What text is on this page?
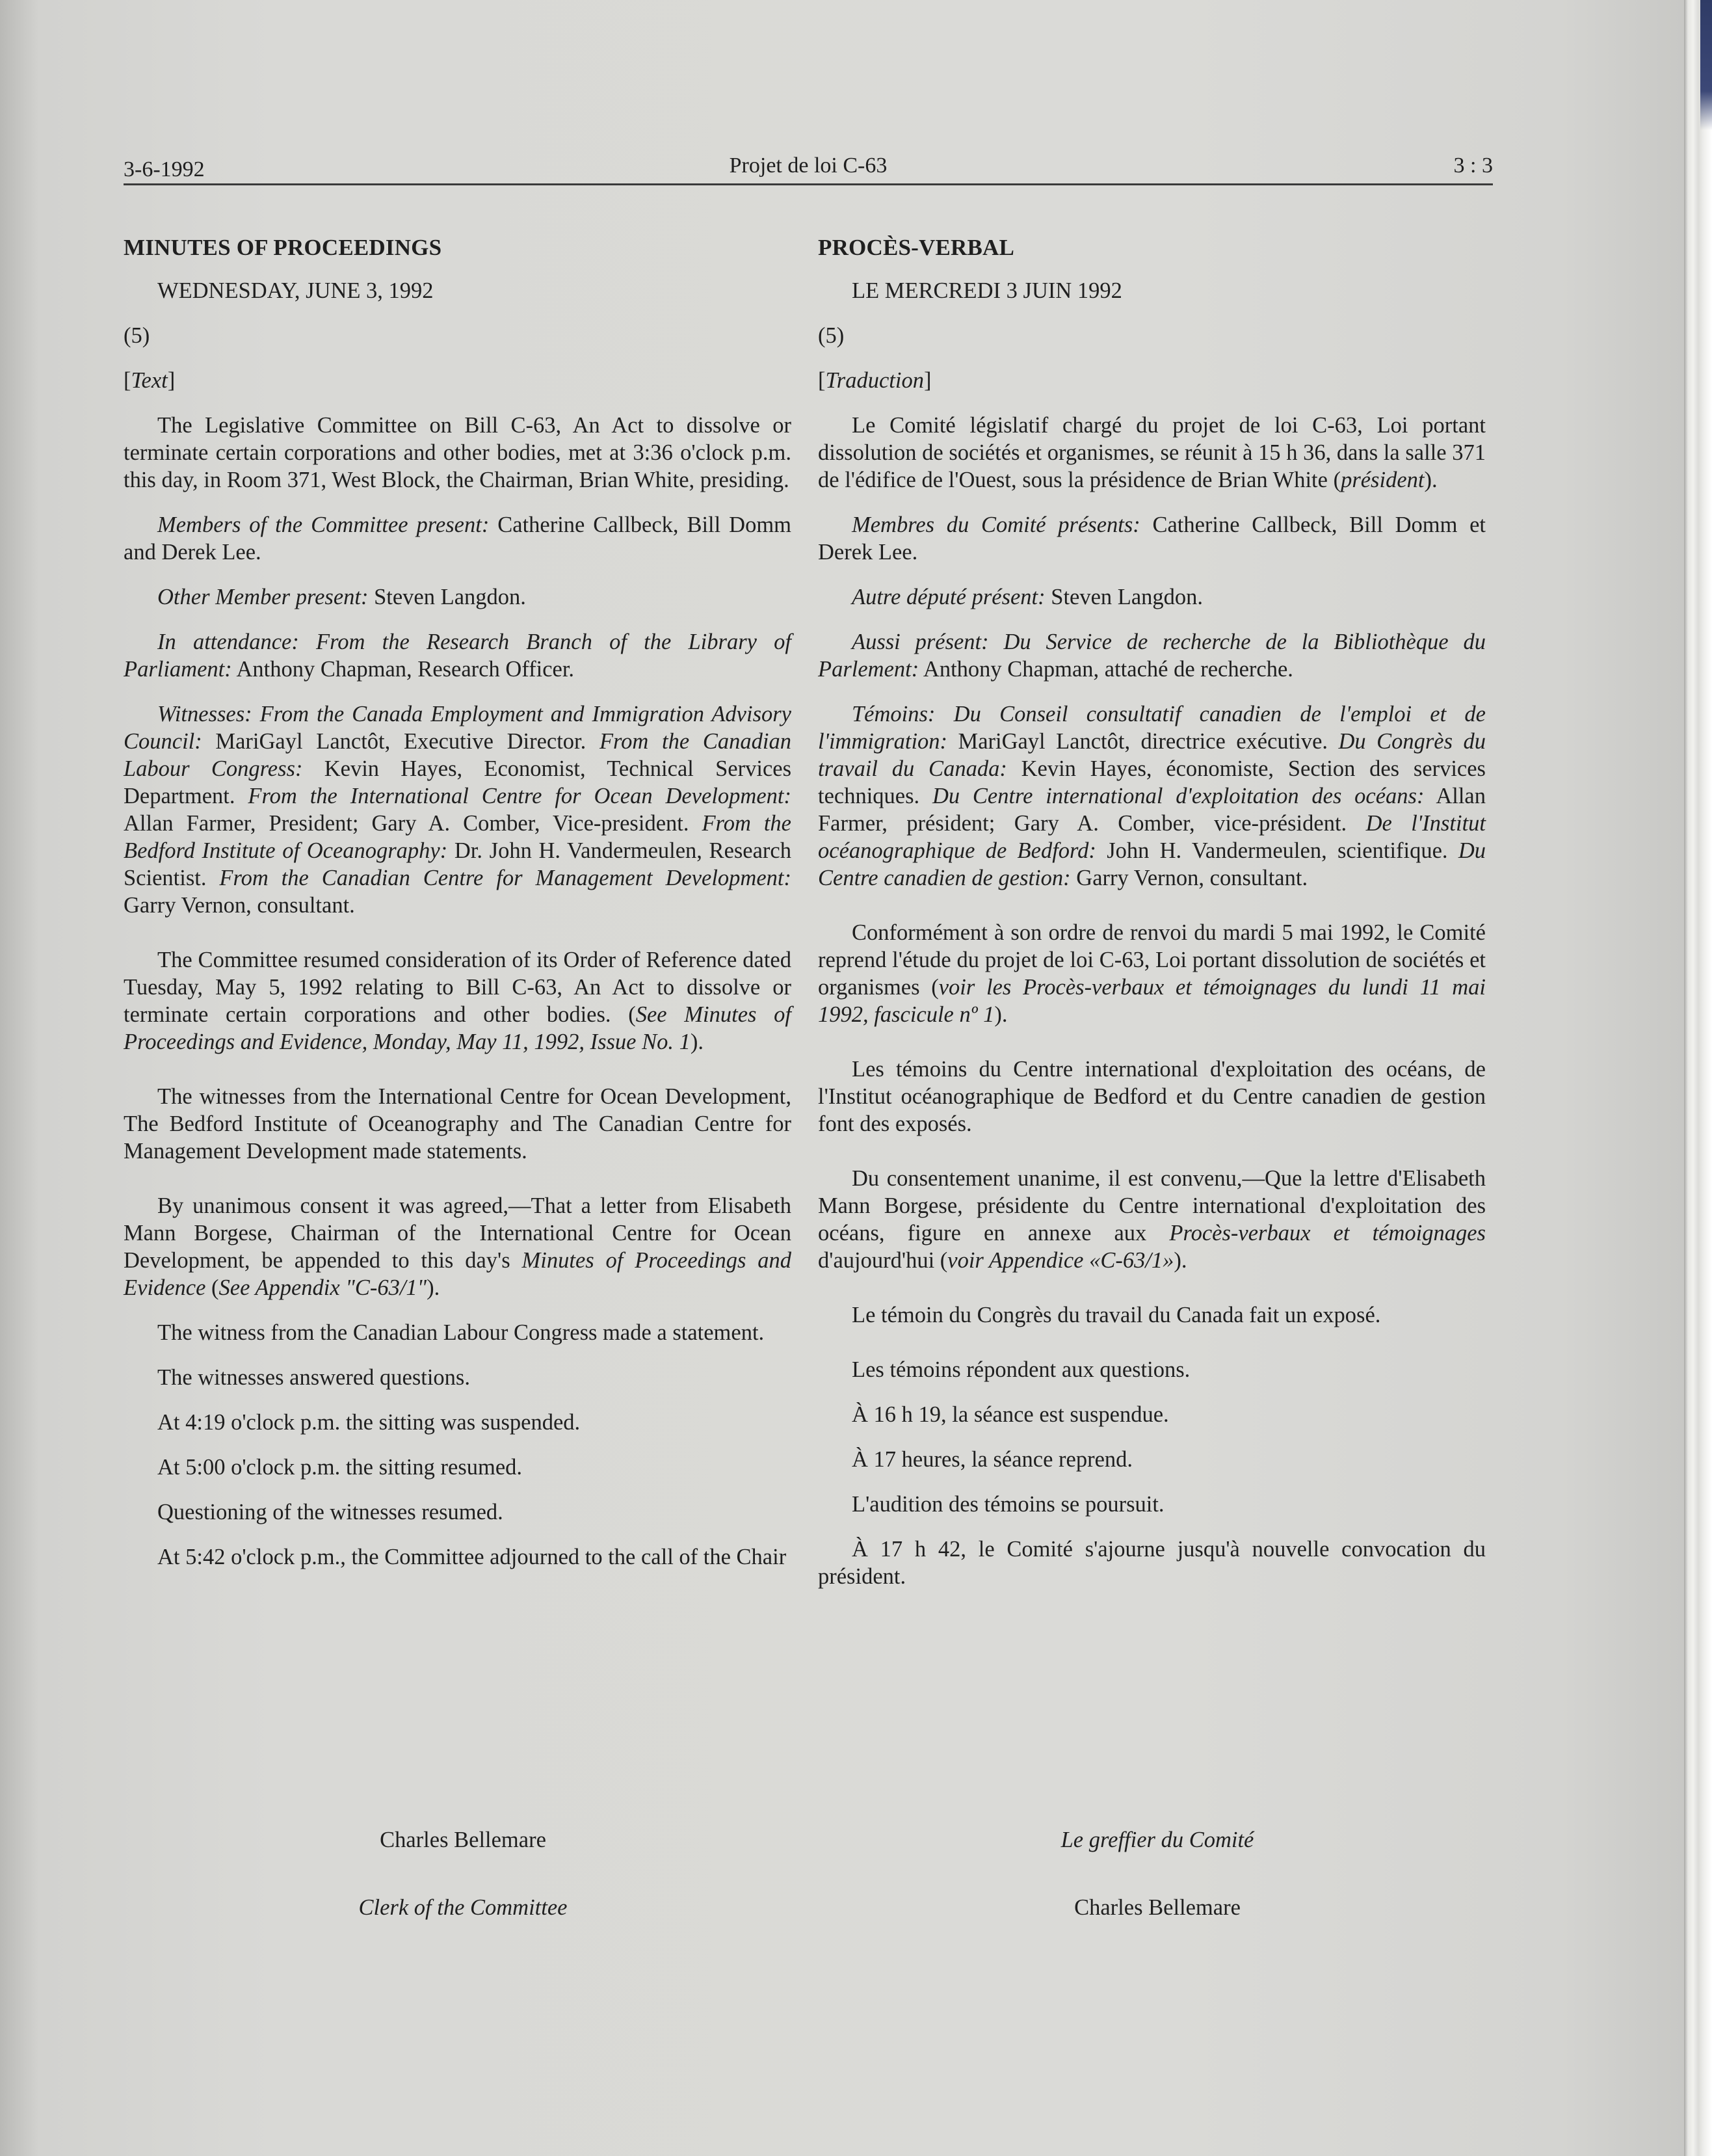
3-6-1992	Projet de loi C-63	3 : 3
MINUTES OF PROCEEDINGS

WEDNESDAY, JUNE 3, 1992

(5)

[Text]

The Legislative Committee on Bill C-63, An Act to dissolve or terminate certain corporations and other bodies, met at 3:36 o'clock p.m. this day, in Room 371, West Block, the Chairman, Brian White, presiding.

Members of the Committee present: Catherine Callbeck, Bill Domm and Derek Lee.

Other Member present: Steven Langdon.

In attendance: From the Research Branch of the Library of Parliament: Anthony Chapman, Research Officer.

Witnesses: From the Canada Employment and Immigration Advisory Council: MariGayl Lanctôt, Executive Director. From the Canadian Labour Congress: Kevin Hayes, Economist, Technical Services Department. From the International Centre for Ocean Development: Allan Farmer, President; Gary A. Comber, Vice-president. From the Bedford Institute of Oceanography: Dr. John H. Vandermeulen, Research Scientist. From the Canadian Centre for Management Development: Garry Vernon, consultant.

The Committee resumed consideration of its Order of Reference dated Tuesday, May 5, 1992 relating to Bill C-63, An Act to dissolve or terminate certain corporations and other bodies. (See Minutes of Proceedings and Evidence, Monday, May 11, 1992, Issue No. 1).

The witnesses from the International Centre for Ocean Development, The Bedford Institute of Oceanography and The Canadian Centre for Management Development made statements.

By unanimous consent it was agreed,—That a letter from Elisabeth Mann Borgese, Chairman of the International Centre for Ocean Development, be appended to this day's Minutes of Proceedings and Evidence (See Appendix "C-63/1").

The witness from the Canadian Labour Congress made a statement.

The witnesses answered questions.

At 4:19 o'clock p.m. the sitting was suspended.

At 5:00 o'clock p.m. the sitting resumed.

Questioning of the witnesses resumed.

At 5:42 o'clock p.m., the Committee adjourned to the call of the Chair

PROCÈS-VERBAL

LE MERCREDI 3 JUIN 1992

(5)

[Traduction]

Le Comité législatif chargé du projet de loi C-63, Loi portant dissolution de sociétés et organismes, se réunit à 15 h 36, dans la salle 371 de l'édifice de l'Ouest, sous la présidence de Brian White (président).

Membres du Comité présents: Catherine Callbeck, Bill Domm et Derek Lee.

Autre député présent: Steven Langdon.

Aussi présent: Du Service de recherche de la Bibliothèque du Parlement: Anthony Chapman, attaché de recherche.

Témoins: Du Conseil consultatif canadien de l'emploi et de l'immigration: MariGayl Lanctôt, directrice exécutive. Du Congrès du travail du Canada: Kevin Hayes, économiste, Section des services techniques. Du Centre international d'exploitation des océans: Allan Farmer, président; Gary A. Comber, vice-président. De l'Institut océanographique de Bedford: John H. Vandermeulen, scientifique. Du Centre canadien de gestion: Garry Vernon, consultant.

Conformément à son ordre de renvoi du mardi 5 mai 1992, le Comité reprend l'étude du projet de loi C-63, Loi portant dissolution de sociétés et organismes (voir les Procès-verbaux et témoignages du lundi 11 mai 1992, fascicule nº 1).

Les témoins du Centre international d'exploitation des océans, de l'Institut océanographique de Bedford et du Centre canadien de gestion font des exposés.

Du consentement unanime, il est convenu,—Que la lettre d'Elisabeth Mann Borgese, présidente du Centre international d'exploitation des océans, figure en annexe aux Procès-verbaux et témoignages d'aujourd'hui (voir Appendice «C-63/1»).

Le témoin du Congrès du travail du Canada fait un exposé.

Les témoins répondent aux questions.

À 16 h 19, la séance est suspendue.

À 17 heures, la séance reprend.

L'audition des témoins se poursuit.

À 17 h 42, le Comité s'ajourne jusqu'à nouvelle convocation du président.

Charles Bellemare
Clerk of the Committee
Le greffier du Comité
Charles Bellemare
